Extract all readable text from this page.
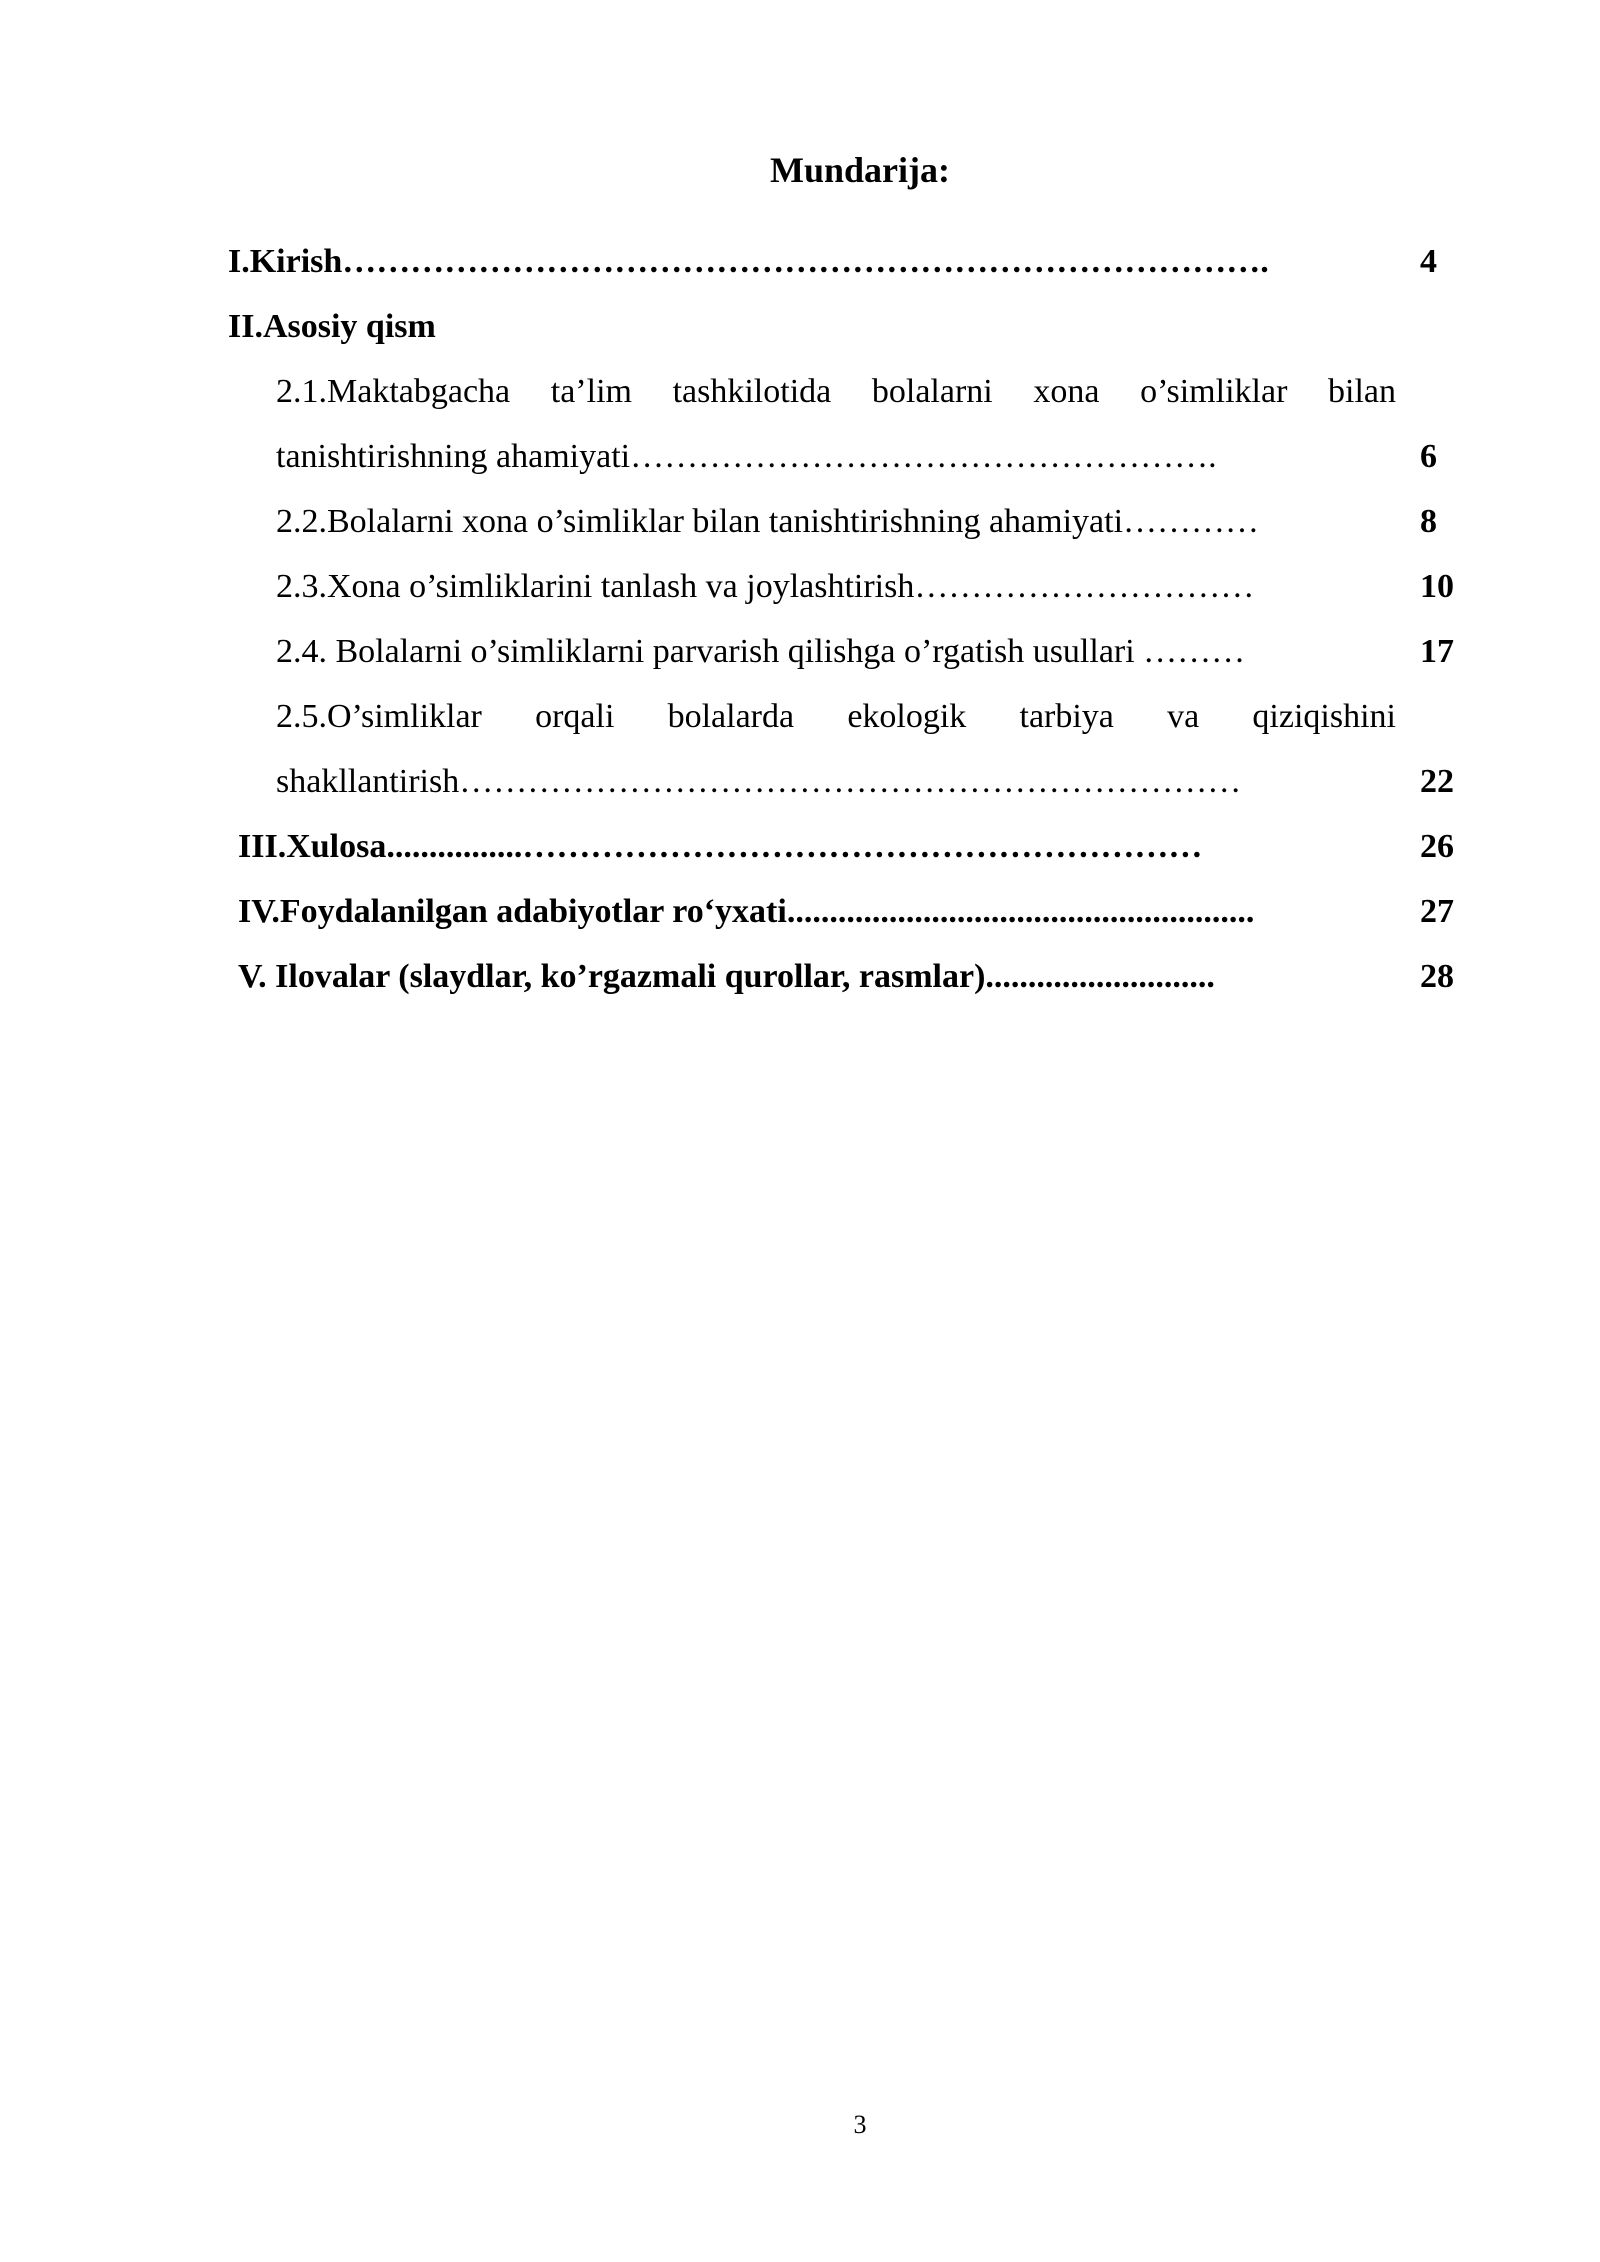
Mundarija:
I.Kirish……………………………………………………………………….	4
II.Asosiy qism
2.1.Maktabgacha ta’lim tashkilotida bolalarni xona o’simliklar bilan
tanishtirishning ahamiyati…………………………………………….	6
2.2.Bolalarni xona o’simliklar bilan tanishtirishning ahamiyati…………	8
2.3.Xona o’simliklarini tanlash va joylashtirish…………………………	10
2.4. Bolalarni o’simliklarni parvarish qilishga o’rgatish usullari ………	17
2.5.O’simliklar orqali bolalarda ekologik tarbiya va qiziqishini
shakllantirish……………………………………………………………	22
III.Xulosa................……………………………………………………	26
IV.Foydalanilgan adabiyotlar ro‘yxati.......................................................	27
V. Ilovalar (slaydlar, ko’rgazmali qurollar, rasmlar)...........................	28
3
